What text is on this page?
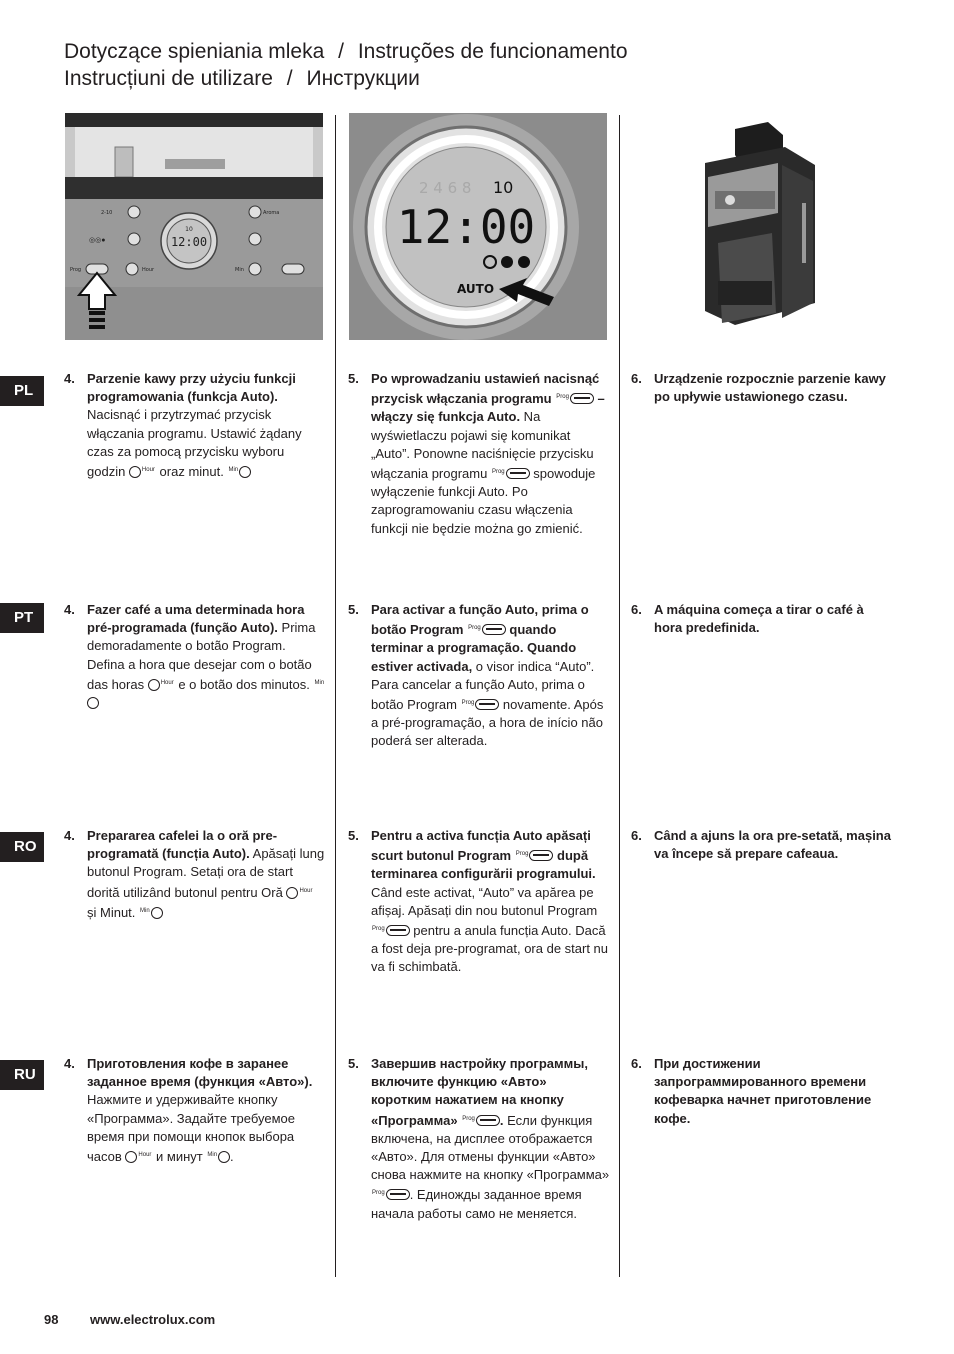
Dotyczące spieniania mleka / Instruções de funcionamento
Instrucțiuni de utilizare / Инструкции
12:00
10
2-10	Aroma
Prog	Hour	Min
◎◎●
2 4 6 8 10
12:00
AUTO
PL
PT
RO
RU
4. Parzenie kawy przy użyciu funkcji programowania (funkcja Auto). Nacisnąć i przytrzymać przycisk włączania programu. Ustawić żądany czas za pomocą przycisku wyboru godzin $^{Hour}$ oraz minut. $^{Min}$
5. Po wprowadzaniu ustawień nacisnąć przycisk włączania programu $^{Prog}$ – włączy się funkcja Auto. Na wyświetlaczu pojawi się komunikat „Auto”. Ponowne naciśnięcie przycisku włączania programu $^{Prog}$ spowoduje wyłączenie funkcji Auto. Po zaprogramowaniu czasu włączenia funkcji nie będzie można go zmienić.
6. Urządzenie rozpocznie parzenie kawy po upływie ustawionego czasu.
4. Fazer café a uma determinada hora pré-programada (função Auto). Prima demoradamente o botão Program. Defina a hora que desejar com o botão das horas $^{Hour}$ e o botão dos minutos. $^{Min}$
5. Para activar a função Auto, prima o botão Program $^{Prog}$ quando terminar a programação. Quando estiver activada, o visor indica “Auto”. Para cancelar a função Auto, prima o botão Program $^{Prog}$ novamente. Após a pré-programação, a hora de início não poderá ser alterada.
6. A máquina começa a tirar o café à hora predefinida.
4. Prepararea cafelei la o oră pre-programată (funcția Auto). Apăsați lung butonul Program. Setați ora de start dorită utilizând butonul pentru Oră $^{Hour}$ și Minut. $^{Min}$
5. Pentru a activa funcția Auto apăsați scurt butonul Program $^{Prog}$ după terminarea configurării programului. Când este activat, “Auto” va apărea pe afișaj. Apăsați din nou butonul Program $^{Prog}$ pentru a anula funcția Auto. Dacă a fost deja pre-programat, ora de start nu va fi schimbată.
6. Când a ajuns la ora pre-setată, mașina va începe să prepare cafeaua.
4. Приготовления кофе в заранее заданное время (функция «Авто»). Нажмите и удерживайте кнопку «Программа». Задайте требуемое время при помощи кнопок выбора часов $^{Hour}$ и минут $^{Min}$ .
5. Завершив настройку программы, включите функцию «Авто» коротким нажатием на кнопку «Программа» $^{Prog}$ . Если функция включена, на дисплее отображается «Авто». Для отмены функции «Авто» снова нажмите на кнопку «Программа» $^{Prog}$ . Единожды заданное время начала работы само не меняется.
6. При достижении запрограммированного времени кофеварка начнет приготовление кофе.
98 www.electrolux.com
